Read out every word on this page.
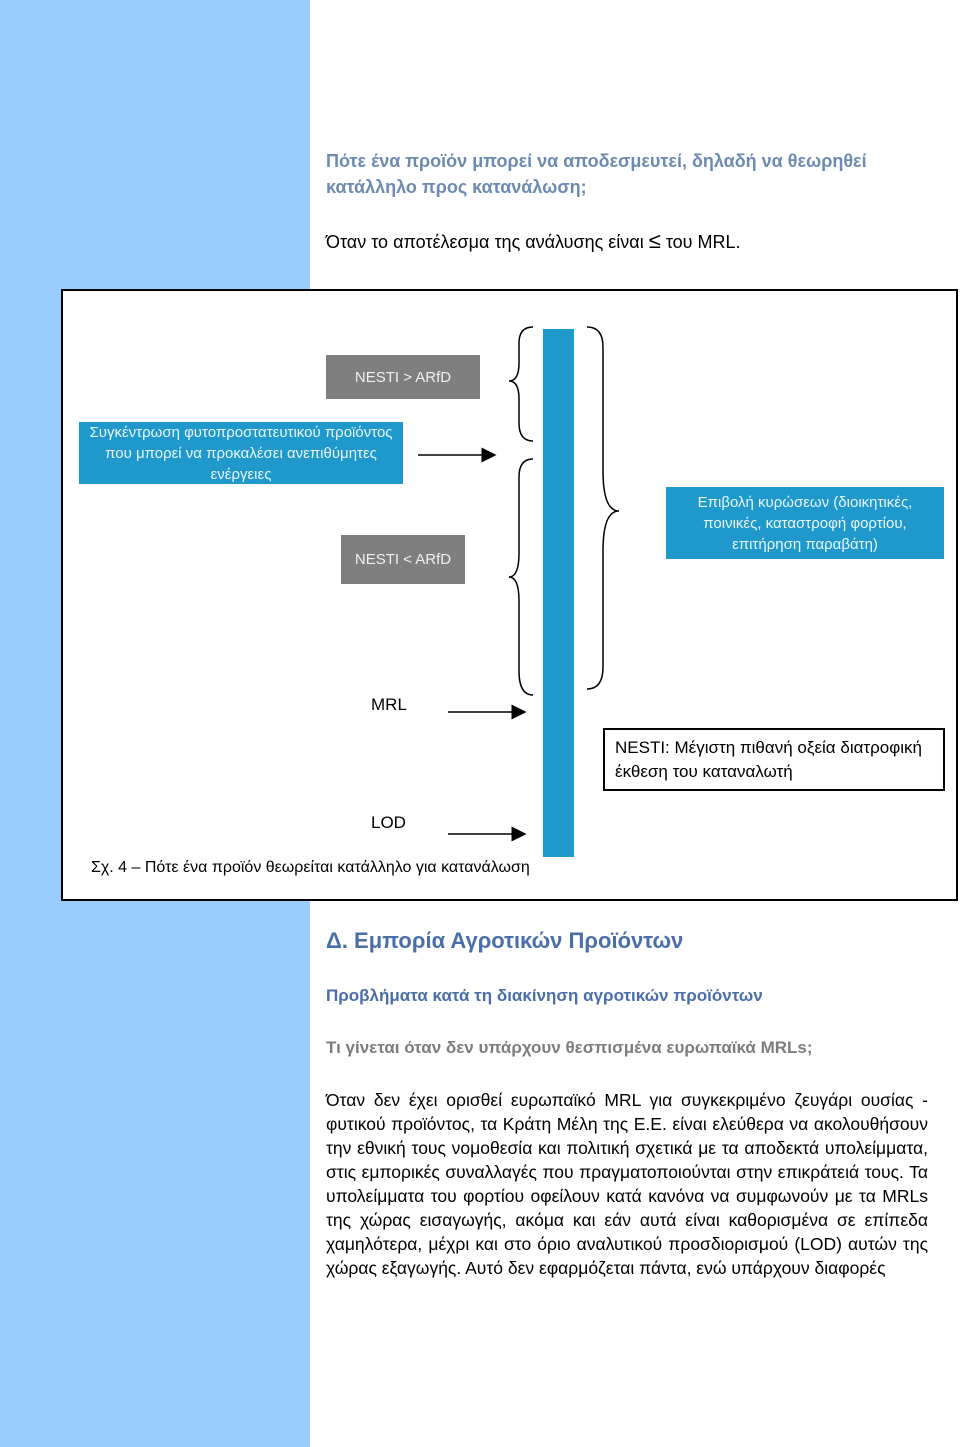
Πότε ένα προϊόν μπορεί να αποδεσμευτεί, δηλαδή να θεωρηθεί κατάλληλο προς κατανάλωση;
Όταν το αποτέλεσμα της ανάλυσης είναι ≤ του MRL.
NESTI > ARfD
Συγκέντρωση φυτοπροστατευτικού προϊόντος που μπορεί να προκαλέσει ανεπιθύμητες ενέργειες
NESTI < ARfD
Επιβολή κυρώσεων (διοικητικές, ποινικές, καταστροφή φορτίου, επιτήρηση παραβάτη)
MRL
LOD
NESTI: Μέγιστη πιθανή οξεία διατροφική έκθεση του καταναλωτή
Σχ. 4 – Πότε ένα προϊόν θεωρείται κατάλληλο για κατανάλωση
Δ. Εμπορία Αγροτικών Προϊόντων
Προβλήματα κατά τη διακίνηση αγροτικών προϊόντων
Τι γίνεται όταν δεν υπάρχουν θεσπισμένα ευρωπαϊκά MRLs;
Όταν δεν έχει ορισθεί ευρωπαϊκό MRL για συγκεκριμένο ζευγάρι ουσίας - φυτικού προϊόντος, τα Κράτη Μέλη της Ε.Ε. είναι ελεύθερα να ακολουθήσουν την εθνική τους νομοθεσία και πολιτική σχετικά με τα αποδεκτά υπολείμματα, στις εμπορικές συναλλαγές που πραγματοποιούνται στην επικράτειά τους. Τα υπολείμματα του φορτίου οφείλουν κατά κανόνα να συμφωνούν με τα MRLs της χώρας εισαγωγής, ακόμα και εάν αυτά είναι καθορισμένα σε επίπεδα χαμηλότερα, μέχρι και στο όριο αναλυτικού προσδιορισμού (LOD) αυτών της χώρας εξαγωγής. Αυτό δεν εφαρμόζεται πάντα, ενώ υπάρχουν διαφορές
